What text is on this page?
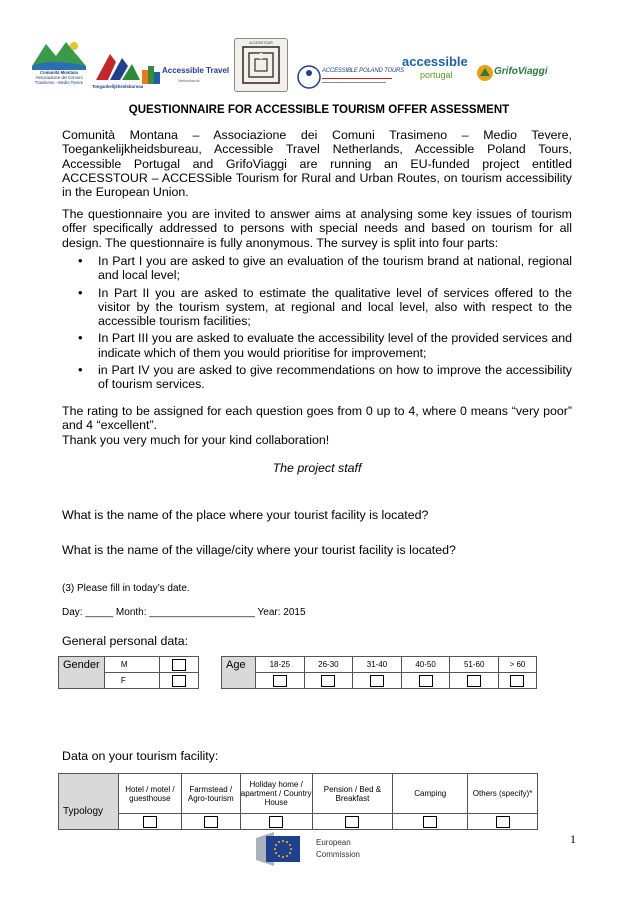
Comunità Montana
Associazione dei Comuni
Trasimeno - Medio Tevere
Toegankelijkheidsbureau
Accessible Travel
Netherlands
ACCESSTOUR
ACCESSIBLE POLAND TOURS
accessible
portugal	GrifoViaggi
QUESTIONNAIRE FOR ACCESSIBLE TOURISM OFFER ASSESSMENT
Comunità Montana – Associazione dei Comuni Trasimeno – Medio Tevere, Toegankelijkheidsbureau, Accessible Travel Netherlands, Accessible Poland Tours, Accessible Portugal and GrifoViaggi are running an EU-funded project entitled ACCESSTOUR – ACCESSible Tourism for Rural and Urban Routes, on tourism accessibility in the European Union.
The questionnaire you are invited to answer aims at analysing some key issues of tourism offer specifically addressed to persons with special needs and based on tourism for all design. The questionnaire is fully anonymous. The survey is split into four parts:
• In Part I you are asked to give an evaluation of the tourism brand at national, regional and local level;
• In Part II you are asked to estimate the qualitative level of services offered to the visitor by the tourism system, at regional and local level, also with respect to the accessible tourism facilities;
• In Part III you are asked to evaluate the accessibility level of the provided services and indicate which of them you would prioritise for improvement;
• in Part IV you are asked to give recommendations on how to improve the accessibility of tourism services.
The rating to be assigned for each question goes from 0 up to 4, where 0 means “very poor” and 4 “excellent”.
Thank you very much for your kind collaboration!
The project staff
What is the name of the place where your tourist facility is located?
What is the name of the village/city where your tourist facility is located?
(3) Please fill in today’s date.
Day: _____ Month: ___________________ Year: 2015
General personal data:
Gender	M	
	F	
Age	18-25	26-30	31-40	40-50	51-60	> 60

Data on your tourism facility:
Typology	Hotel / motel / guesthouse	Farmstead / Agro-tourism	Holiday home / apartment / Country House	Pension / Bed & Breakfast	Camping	Others (specify)*

European
Commission
1
